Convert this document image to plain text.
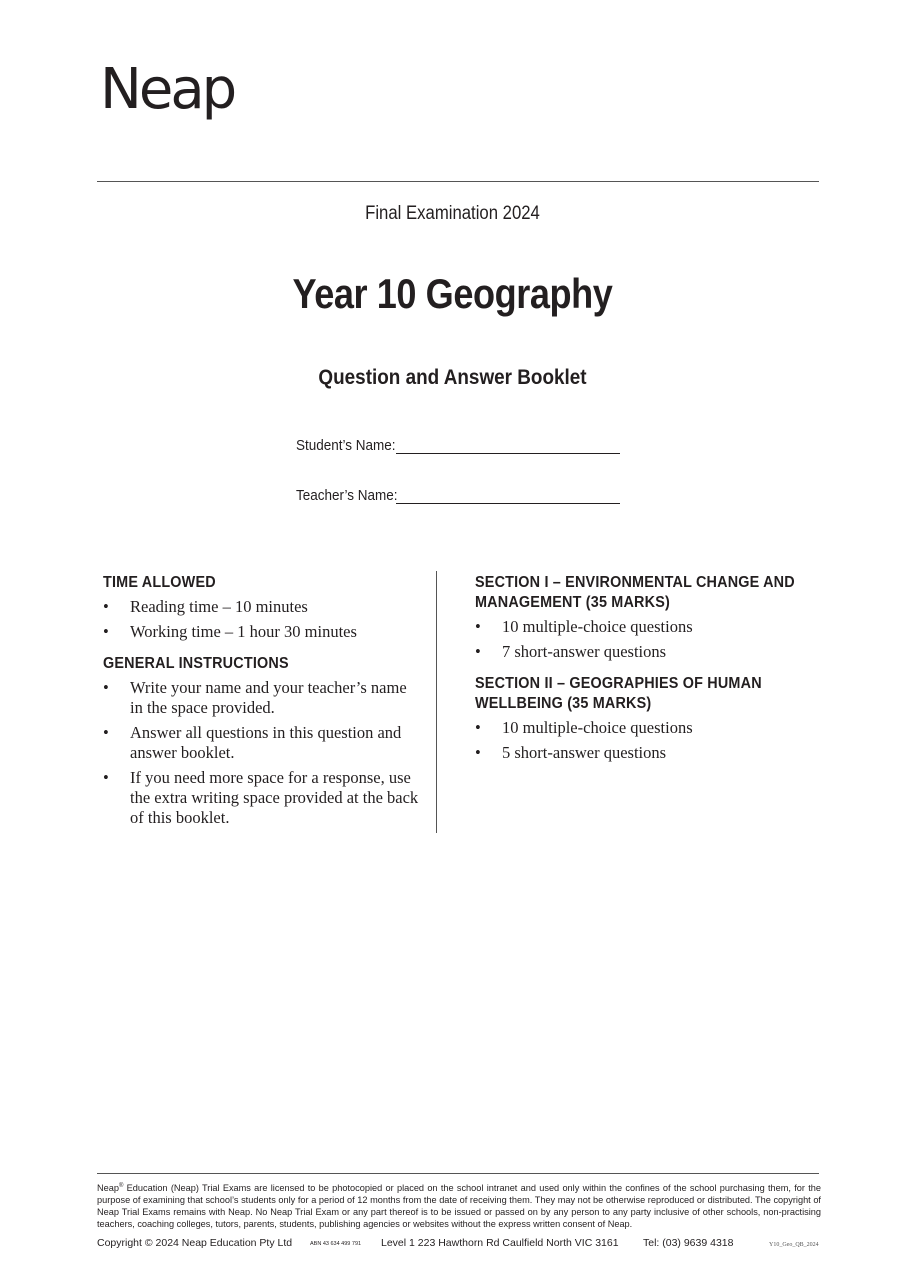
Neap
Final Examination 2024
Year 10 Geography
Question and Answer Booklet
Student’s Name:
Teacher’s Name:
TIME ALLOWED
• Reading time – 10 minutes
• Working time – 1 hour 30 minutes
GENERAL INSTRUCTIONS
• Write your name and your teacher’s name in the space provided.
• Answer all questions in this question and answer booklet.
• If you need more space for a response, use the extra writing space provided at the back of this booklet.
SECTION I – ENVIRONMENTAL CHANGE AND MANAGEMENT (35 MARKS)
• 10 multiple-choice questions
• 7 short-answer questions
SECTION II – GEOGRAPHIES OF HUMAN WELLBEING (35 MARKS)
• 10 multiple-choice questions
• 5 short-answer questions
Neap® Education (Neap) Trial Exams are licensed to be photocopied or placed on the school intranet and used only within the confines of the school purchasing them, for the purpose of examining that school’s students only for a period of 12 months from the date of receiving them. They may not be otherwise reproduced or distributed. The copyright of Neap Trial Exams remains with Neap. No Neap Trial Exam or any part thereof is to be issued or passed on by any person to any party inclusive of other schools, non-practising teachers, coaching colleges, tutors, parents, students, publishing agencies or websites without the express written consent of Neap.
Copyright © 2024 Neap Education Pty Ltd	ABN 43 634 499 791 Level 1 223 Hawthorn Rd Caulfield North VIC 3161 Tel: (03) 9639 4318	Y10_Geo_QB_2024
